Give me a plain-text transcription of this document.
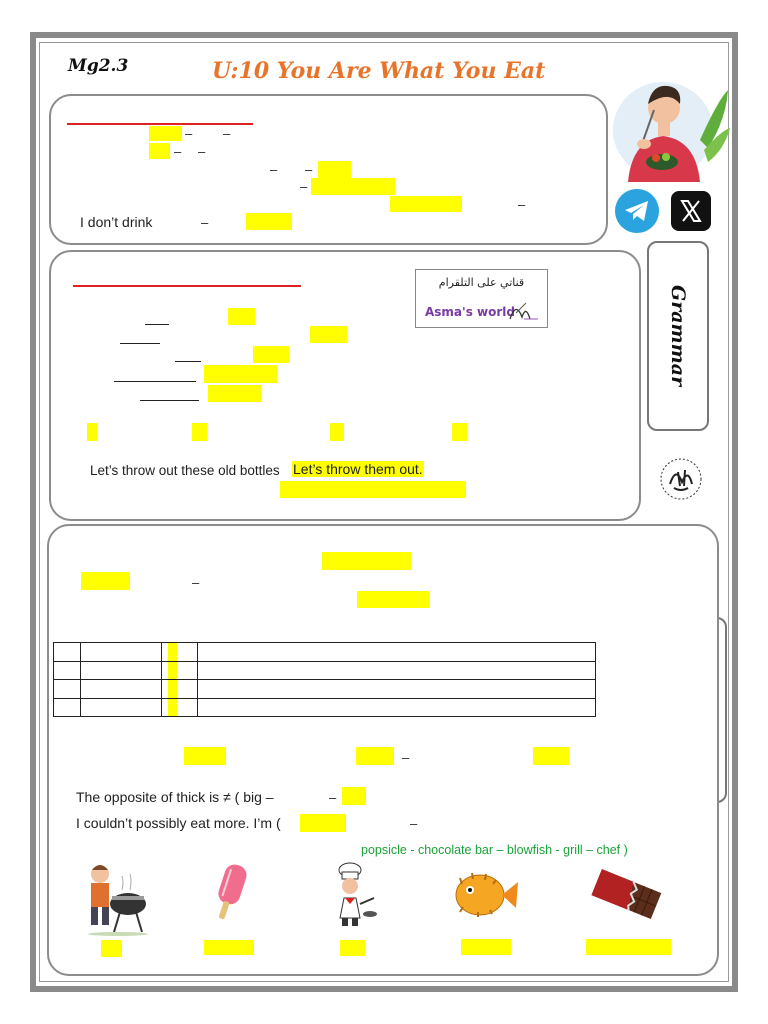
Mg2.3	U:10 You Are What You Eat
Grammar
– –
– –
– –
–
–
I don’t drink	–
قناتي على التلقرام
Asma's world
Let’s throw out these old bottles Let’s throw them out.
–

–
The opposite of thick is ≠ ( big –	–
I couldn’t possibly eat more. I’m (	–
popsicle - chocolate bar – blowfish - grill – chef )
